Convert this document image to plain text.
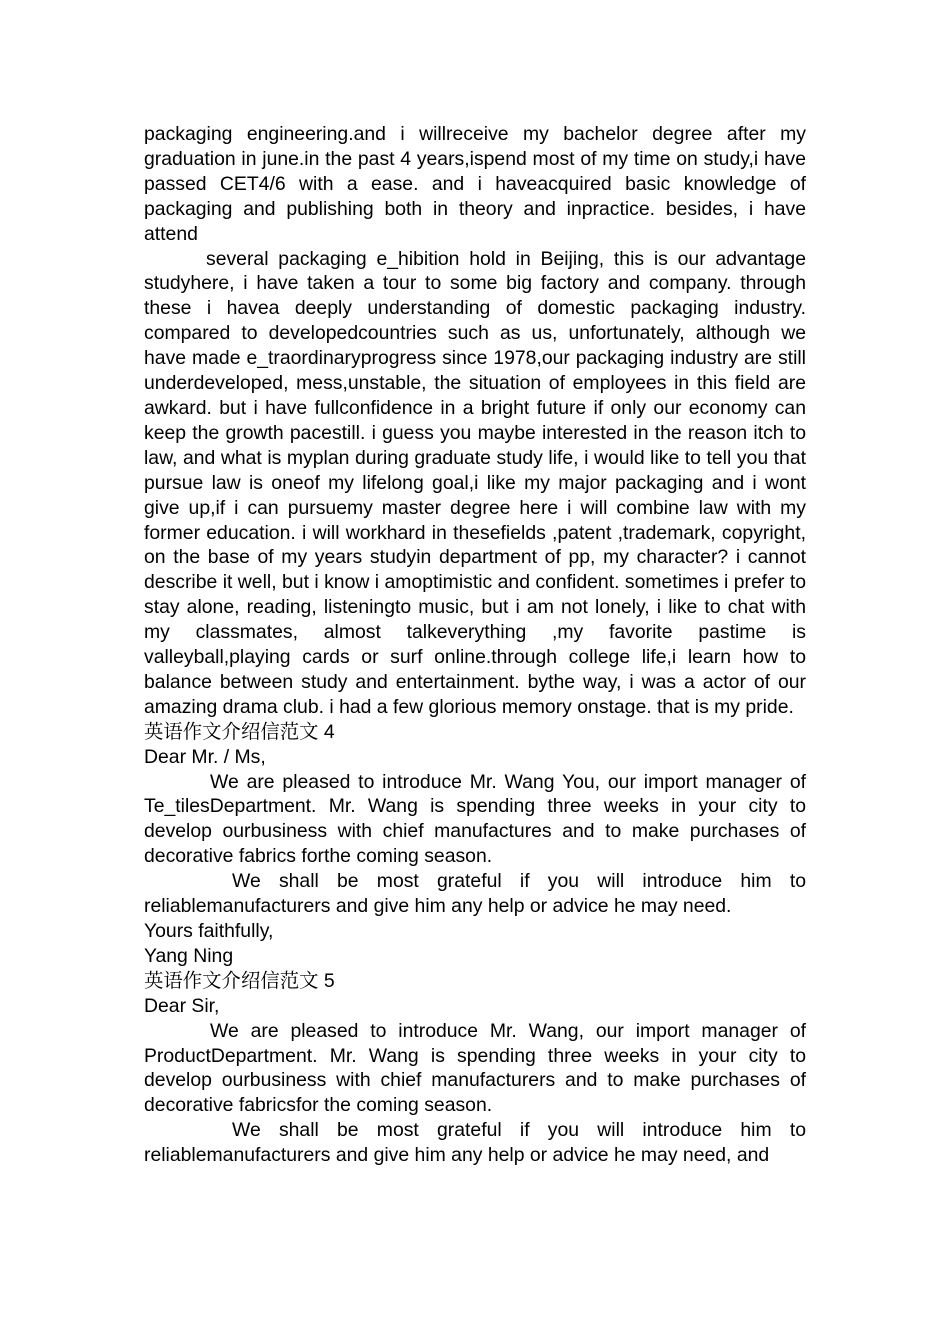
packaging engineering.and i willreceive my bachelor degree after my graduation in june.in the past 4 years,ispend most of my time on study,i have passed CET4/6 with a ease. and i haveacquired basic knowledge of packaging and publishing both in theory and inpractice. besides, i have attend

several packaging e_hibition hold in Beijing, this is our advantage studyhere, i have taken a tour to some big factory and company. through these i havea deeply understanding of domestic packaging industry. compared to developedcountries such as us, unfortunately, although we have made e_traordinaryprogress since 1978,our packaging industry are still underdeveloped, mess,unstable, the situation of employees in this field are awkard. but i have fullconfidence in a bright future if only our economy can keep the growth pacestill. i guess you maybe interested in the reason itch to law, and what is myplan during graduate study life, i would like to tell you that pursue law is oneof my lifelong goal,i like my major packaging and i wont give up,if i can pursuemy master degree here i will combine law with my former education. i will workhard in thesefields ,patent ,trademark, copyright, on the base of my years studyin department of pp, my character? i cannot describe it well, but i know i amoptimistic and confident. sometimes i prefer to stay alone, reading, listeningto music, but i am not lonely, i like to chat with my classmates, almost talkeverything ,my favorite pastime is valleyball,playing cards or surf online.through college life,i learn how to balance between study and entertainment. bythe way, i was a actor of our amazing drama club. i had a few glorious memory onstage. that is my pride.

英语作文介绍信范文 4

Dear Mr. / Ms,

We are pleased to introduce Mr. Wang You, our import manager of Te_tilesDepartment. Mr. Wang is spending three weeks in your city to develop ourbusiness with chief manufactures and to make purchases of decorative fabrics forthe coming season.

We shall be most grateful if you will introduce him to reliablemanufacturers and give him any help or advice he may need.

Yours faithfully,

Yang Ning

英语作文介绍信范文 5

Dear Sir,

We are pleased to introduce Mr. Wang, our import manager of ProductDepartment. Mr. Wang is spending three weeks in your city to develop ourbusiness with chief manufacturers and to make purchases of decorative fabricsfor the coming season.

We shall be most grateful if you will introduce him to reliablemanufacturers and give him any help or advice he may need, and
